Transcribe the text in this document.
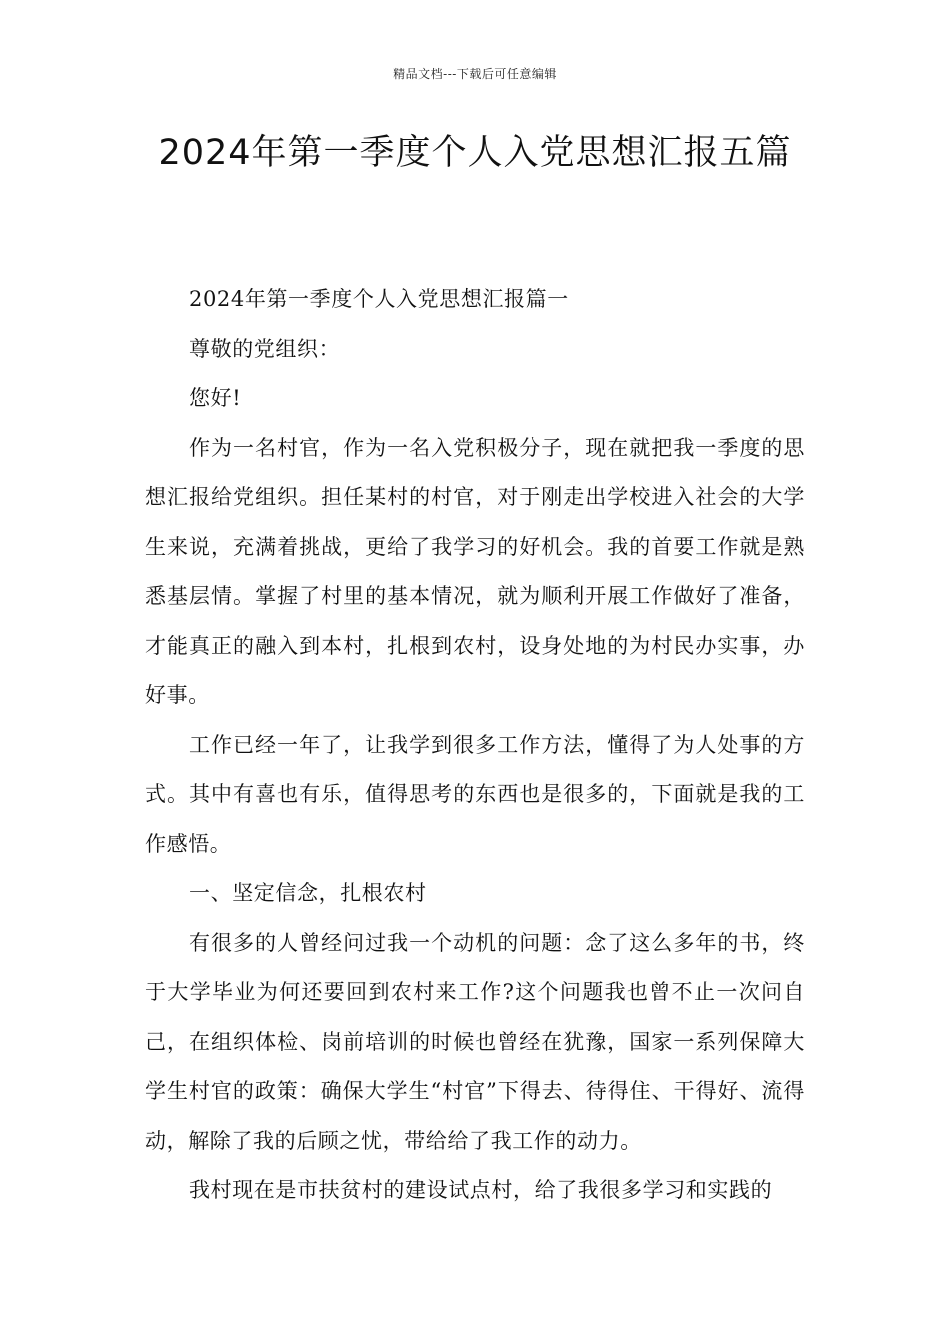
精品文档---下载后可任意编辑
2024年第一季度个人入党思想汇报五篇

2024年第一季度个人入党思想汇报篇一

尊敬的党组织：

您好!

作为一名村官，作为一名入党积极分子，现在就把我一季度的思想汇报给党组织。担任某村的村官，对于刚走出学校进入社会的大学生来说，充满着挑战，更给了我学习的好机会。我的首要工作就是熟悉基层情。掌握了村里的基本情况，就为顺利开展工作做好了准备，才能真正的融入到本村，扎根到农村，设身处地的为村民办实事，办好事。

工作已经一年了，让我学到很多工作方法，懂得了为人处事的方式。其中有喜也有乐，值得思考的东西也是很多的，下面就是我的工作感悟。

一、坚定信念，扎根农村

有很多的人曾经问过我一个动机的问题：念了这么多年的书，终于大学毕业为何还要回到农村来工作?这个问题我也曾不止一次问自己，在组织体检、岗前培训的时候也曾经在犹豫，国家一系列保障大学生村官的政策：确保大学生“村官”下得去、待得住、干得好、流得动，解除了我的后顾之忧，带给给了我工作的动力。

我村现在是市扶贫村的建设试点村，给了我很多学习和实践的
